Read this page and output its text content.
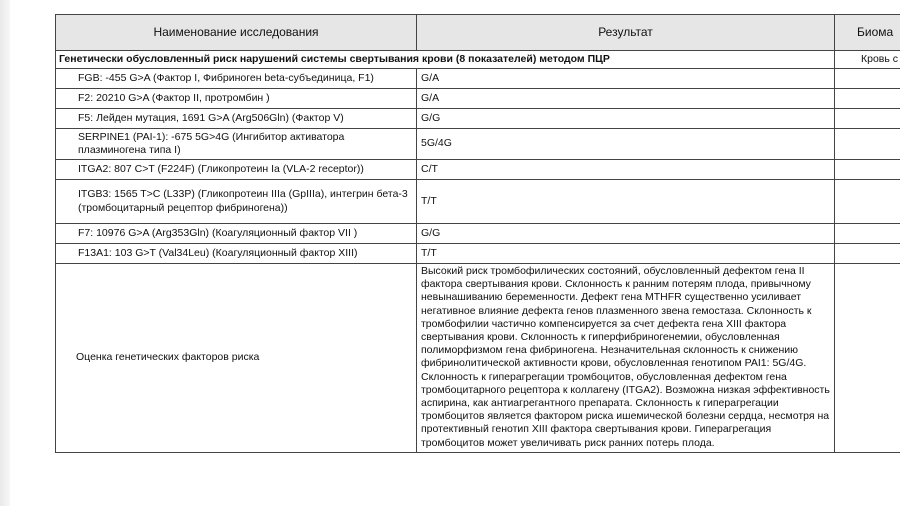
Наименование исследования	Результат	Биома
Генетически обусловленный риск нарушений системы свертывания крови (8 показателей) методом ПЦР		Кровь с
FGB: -455 G>A (Фактор I, Фибриноген beta-субъединица, F1)	G/A	
F2: 20210 G>A (Фактор II, протромбин )	G/A	
F5: Лейден мутация, 1691 G>A (Arg506Gln) (Фактор V)	G/G	
SERPINE1 (PAI-1): -675 5G>4G (Ингибитор активатора плазминогена типа I)	5G/4G	
ITGA2: 807 C>T (F224F) (Гликопротеин Ia (VLA-2 receptor))	C/T	
ITGB3: 1565 T>C (L33P) (Гликопротеин IIIa (GpIIIa), интегрин бета-3 (тромбоцитарный рецептор фибриногена))	T/T	
F7: 10976 G>A (Arg353Gln) (Коагуляционный фактор VII )	G/G	
F13A1: 103 G>T (Val34Leu) (Коагуляционный фактор XIII)	T/T	
Оценка генетических факторов риска	Высокий риск тромбофилических состояний, обусловленный дефектом гена II фактора свертывания крови. Склонность к ранним потерям плода, привычному невынашиванию беременности. Дефект гена MTHFR существенно усиливает негативное влияние дефекта генов плазменного звена гемостаза. Склонность к тромбофилии частично компенсируется за счет дефекта гена XIII фактора свертывания крови. Склонность к гиперфибриногенемии, обусловленная полиморфизмом гена фибриногена. Незначительная склонность к снижению фибринолитической активности крови, обусловленная генотипом PAI1: 5G/4G. Склонность к гиперагрегации тромбоцитов, обусловленная дефектом гена тромбоцитарного рецептора к коллагену (ITGA2). Возможна низкая эффективность аспирина, как антиагрегантного препарата. Склонность к гиперагрегации тромбоцитов является фактором риска ишемической болезни сердца, несмотря на протективный генотип XIII фактора свертывания крови. Гиперагрегация тромбоцитов может увеличивать риск ранних потерь плода.	
